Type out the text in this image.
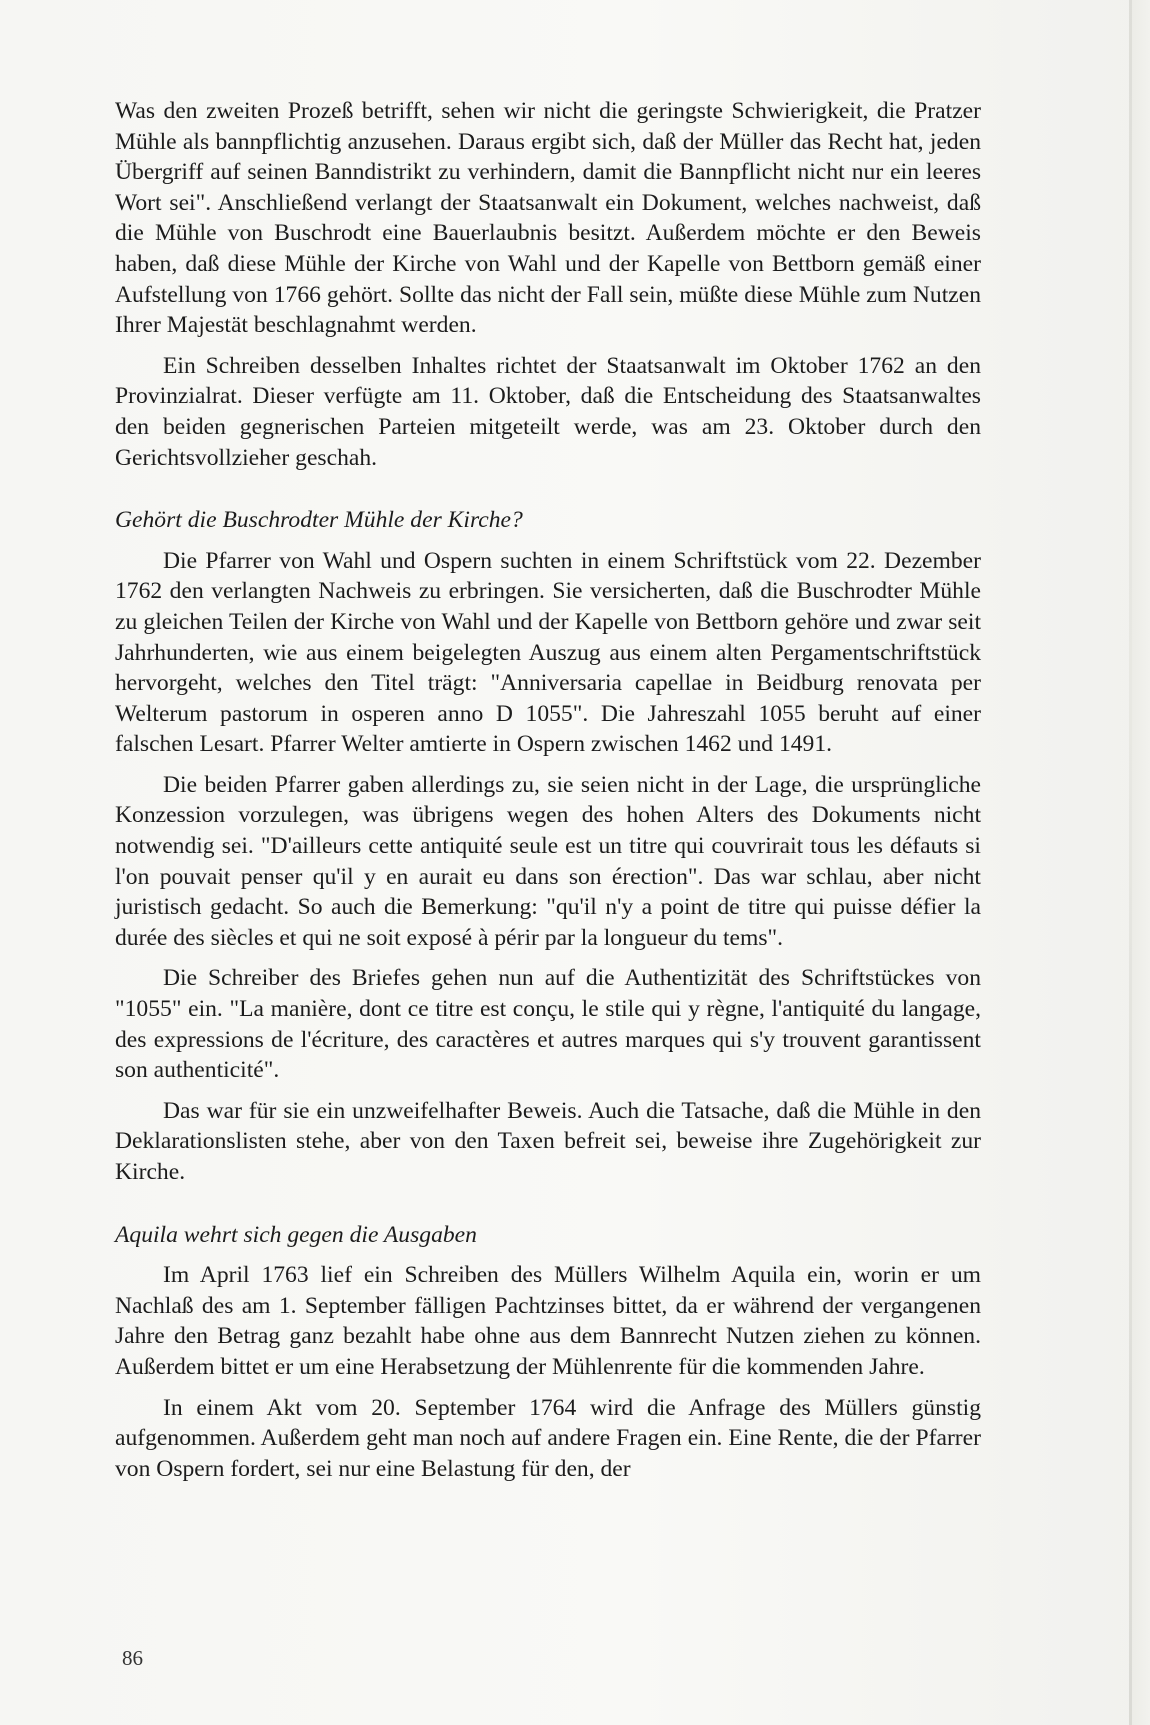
Was den zweiten Prozeß betrifft, sehen wir nicht die geringste Schwierigkeit, die Pratzer Mühle als bannpflichtig anzusehen. Daraus ergibt sich, daß der Müller das Recht hat, jeden Übergriff auf seinen Banndistrikt zu verhindern, damit die Bannpflicht nicht nur ein leeres Wort sei". Anschließend verlangt der Staatsanwalt ein Dokument, welches nachweist, daß die Mühle von Buschrodt eine Bauerlaubnis besitzt. Außerdem möchte er den Beweis haben, daß diese Mühle der Kirche von Wahl und der Kapelle von Bettborn gemäß einer Aufstellung von 1766 gehört. Sollte das nicht der Fall sein, müßte diese Mühle zum Nutzen Ihrer Majestät beschlagnahmt werden.

Ein Schreiben desselben Inhaltes richtet der Staatsanwalt im Oktober 1762 an den Provinzialrat. Dieser verfügte am 11. Oktober, daß die Entscheidung des Staatsanwaltes den beiden gegnerischen Parteien mitgeteilt werde, was am 23. Oktober durch den Gerichtsvollzieher geschah.

Gehört die Buschrodter Mühle der Kirche?

Die Pfarrer von Wahl und Ospern suchten in einem Schriftstück vom 22. Dezember 1762 den verlangten Nachweis zu erbringen. Sie versicherten, daß die Buschrodter Mühle zu gleichen Teilen der Kirche von Wahl und der Kapelle von Bettborn gehöre und zwar seit Jahrhunderten, wie aus einem beigelegten Auszug aus einem alten Pergamentschriftstück hervorgeht, welches den Titel trägt: "Anniversaria capellae in Beidburg renovata per Welterum pastorum in osperen anno D 1055". Die Jahreszahl 1055 beruht auf einer falschen Lesart. Pfarrer Welter amtierte in Ospern zwischen 1462 und 1491.

Die beiden Pfarrer gaben allerdings zu, sie seien nicht in der Lage, die ursprüngliche Konzession vorzulegen, was übrigens wegen des hohen Alters des Dokuments nicht notwendig sei. "D'ailleurs cette antiquité seule est un titre qui couvrirait tous les défauts si l'on pouvait penser qu'il y en aurait eu dans son érection". Das war schlau, aber nicht juristisch gedacht. So auch die Bemerkung: "qu'il n'y a point de titre qui puisse défier la durée des siècles et qui ne soit exposé à périr par la longueur du tems".

Die Schreiber des Briefes gehen nun auf die Authentizität des Schriftstückes von "1055" ein. "La manière, dont ce titre est conçu, le stile qui y règne, l'antiquité du langage, des expressions de l'écriture, des caractères et autres marques qui s'y trouvent garantissent son authenticité".

Das war für sie ein unzweifelhafter Beweis. Auch die Tatsache, daß die Mühle in den Deklarationslisten stehe, aber von den Taxen befreit sei, beweise ihre Zugehörigkeit zur Kirche.

Aquila wehrt sich gegen die Ausgaben

Im April 1763 lief ein Schreiben des Müllers Wilhelm Aquila ein, worin er um Nachlaß des am 1. September fälligen Pachtzinses bittet, da er während der vergangenen Jahre den Betrag ganz bezahlt habe ohne aus dem Bannrecht Nutzen ziehen zu können. Außerdem bittet er um eine Herabsetzung der Mühlenrente für die kommenden Jahre.

In einem Akt vom 20. September 1764 wird die Anfrage des Müllers günstig aufgenommen. Außerdem geht man noch auf andere Fragen ein. Eine Rente, die der Pfarrer von Ospern fordert, sei nur eine Belastung für den, der

86
